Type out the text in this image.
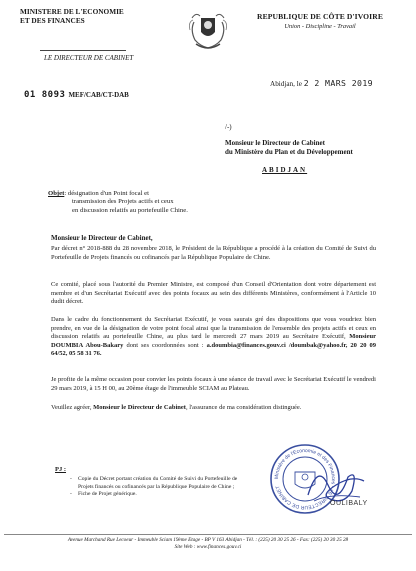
MINISTERE DE L'ECONOMIE
ET DES FINANCES	REPUBLIQUE DE CÔTE D'IVOIRE
Union - Discipline - Travail
LE DIRECTEUR DE CABINET
Abidjan, le 2 2 MARS 2019
01 8093 MEF/CAB/CT-DAB
/-)
Monsieur le Directeur de Cabinet
du Ministère du Plan et du Développement
ABIDJAN
Objet: désignation d'un Point focal et
transmission des Projets actifs et ceux
en discussion relatifs au portefeuille Chine.
Monsieur le Directeur de Cabinet,
Par décret n° 2018-888 du 28 novembre 2018, le Président de la République a procédé à la création du Comité de Suivi du Portefeuille de Projets financés ou cofinancés par la République Populaire de Chine.
Ce comité, placé sous l'autorité du Premier Ministre, est composé d'un Conseil d'Orientation dont votre département est membre et d'un Secrétariat Exécutif avec des points focaux au sein des différents Ministères, conformément à l'Article 10 dudit décret.
Dans le cadre du fonctionnement du Secrétariat Exécutif, je vous saurais gré des dispositions que vous voudriez bien prendre, en vue de la désignation de votre point focal ainsi que la transmission de l'ensemble des projets actifs et ceux en discussion relatifs au portefeuille Chine, au plus tard le mercredi 27 mars 2019 au Secrétaire Exécutif, Monsieur DOUMBIA Abou-Bakary dont ses coordonnées sont : a.doumbia@finances.gouv.ci /doumbak@yahoo.fr, 20 20 09 64/52, 05 58 31 76.
Je profite de la même occasion pour convier les points focaux à une séance de travail avec le Secrétariat Exécutif le vendredi 29 mars 2019, à 15 H 00, au 20ème étage de l'immeuble SCIAM au Plateau.
Veuillez agréer, Monsieur le Directeur de Cabinet, l'assurance de ma considération distinguée.
PJ :
-	Copie du Décret portant création du Comité de Suivi du Portefeuille de Projets financés ou cofinancés par la République Populaire de Chine ;
-	Fiche de Projet générique.
Ministère de l'Economie et des Finances - LE DIRECTEUR DE CABINET
OULIBALY
Avenue Marchand Rue Lecoeur - Immeuble Sciam 19ème Etage - BP V 163 Abidjan - Tél. : (225) 20 30 25 26 - Fax: (225) 20 30 25 28
Site Web : www.finances.gouv.ci
